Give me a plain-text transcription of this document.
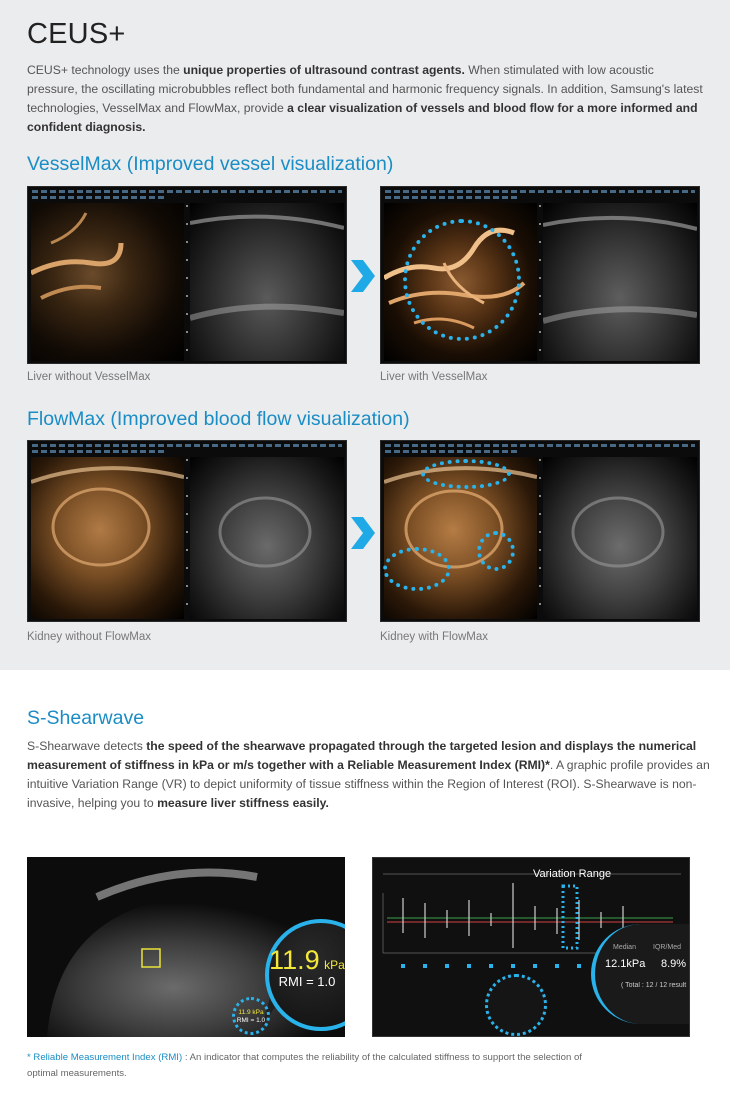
CEUS+
CEUS+ technology uses the unique properties of ultrasound contrast agents. When stimulated with low acoustic pressure, the oscillating microbubbles reflect both fundamental and harmonic frequency signals. In addition, Samsung's latest technologies, VesselMax and FlowMax, provide a clear visualization of vessels and blood flow for a more informed and confident diagnosis.
VesselMax (Improved vessel visualization)
Liver without VesselMax	Liver with VesselMax
FlowMax (Improved blood flow visualization)
Kidney without FlowMax	Kidney with FlowMax
S-Shearwave
S-Shearwave detects the speed of the shearwave propagated through the targeted lesion and displays the numerical measurement of stiffness in kPa or m/s together with a Reliable Measurement Index (RMI)*. A graphic profile provides an intuitive Variation Range (VR) to depict uniformity of tissue stiffness within the Region of Interest (ROI). S-Shearwave is non-invasive, helping you to measure liver stiffness easily.
11.9 kPa
RMI = 1.0
11.9 kPa
RMI = 1.0
Variation Range
Median IQR/Med
12.1kPa 8.9%
( Total : 12 / 12 result
* Reliable Measurement Index (RMI) : An indicator that computes the reliability of the calculated stiffness to support the selection of optimal measurements.
